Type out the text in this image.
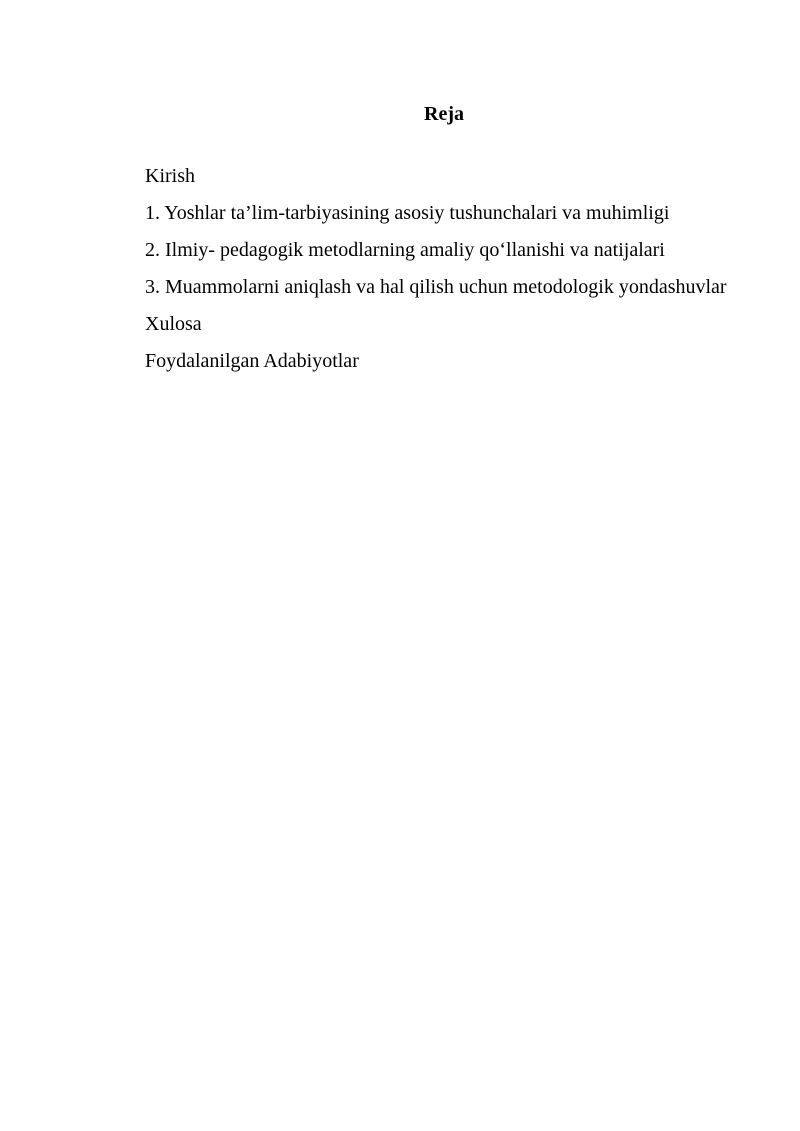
Reja

Kirish

1. Yoshlar ta’lim-tarbiyasining asosiy tushunchalari va muhimligi

2. Ilmiy- pedagogik metodlarning amaliy qo‘llanishi va natijalari

3. Muammolarni aniqlash va hal qilish uchun metodologik yondashuvlar

Xulosa

Foydalanilgan Adabiyotlar
